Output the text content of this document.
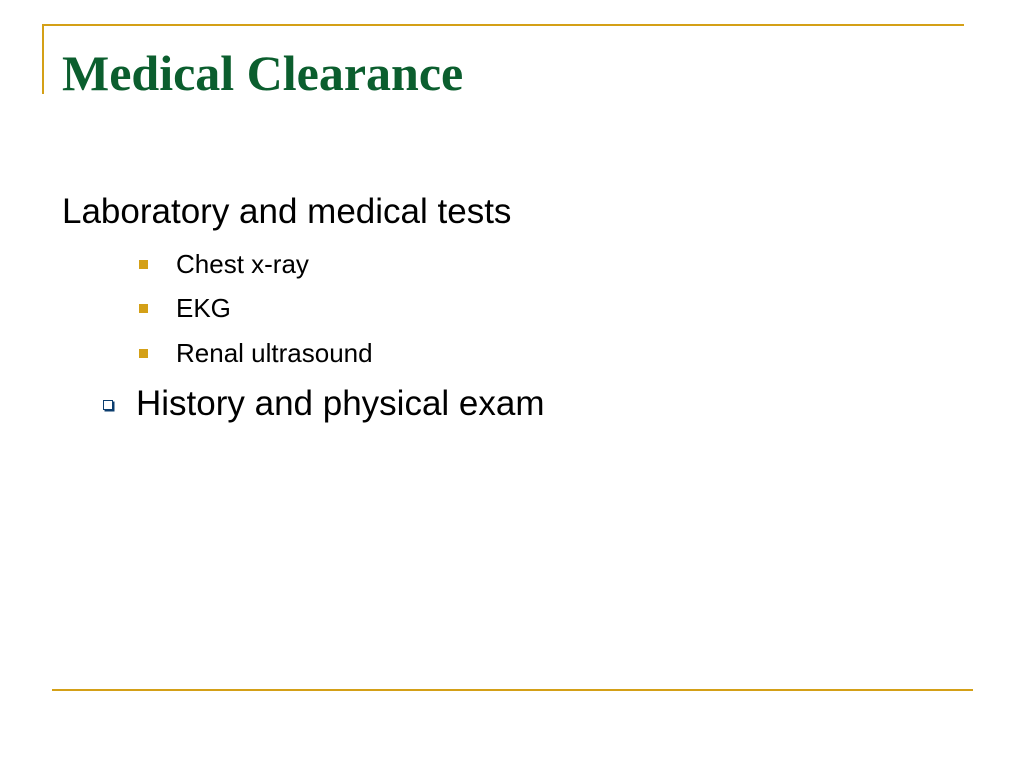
Medical Clearance
Laboratory and medical tests
Chest x-ray
EKG
Renal ultrasound
History and physical exam
